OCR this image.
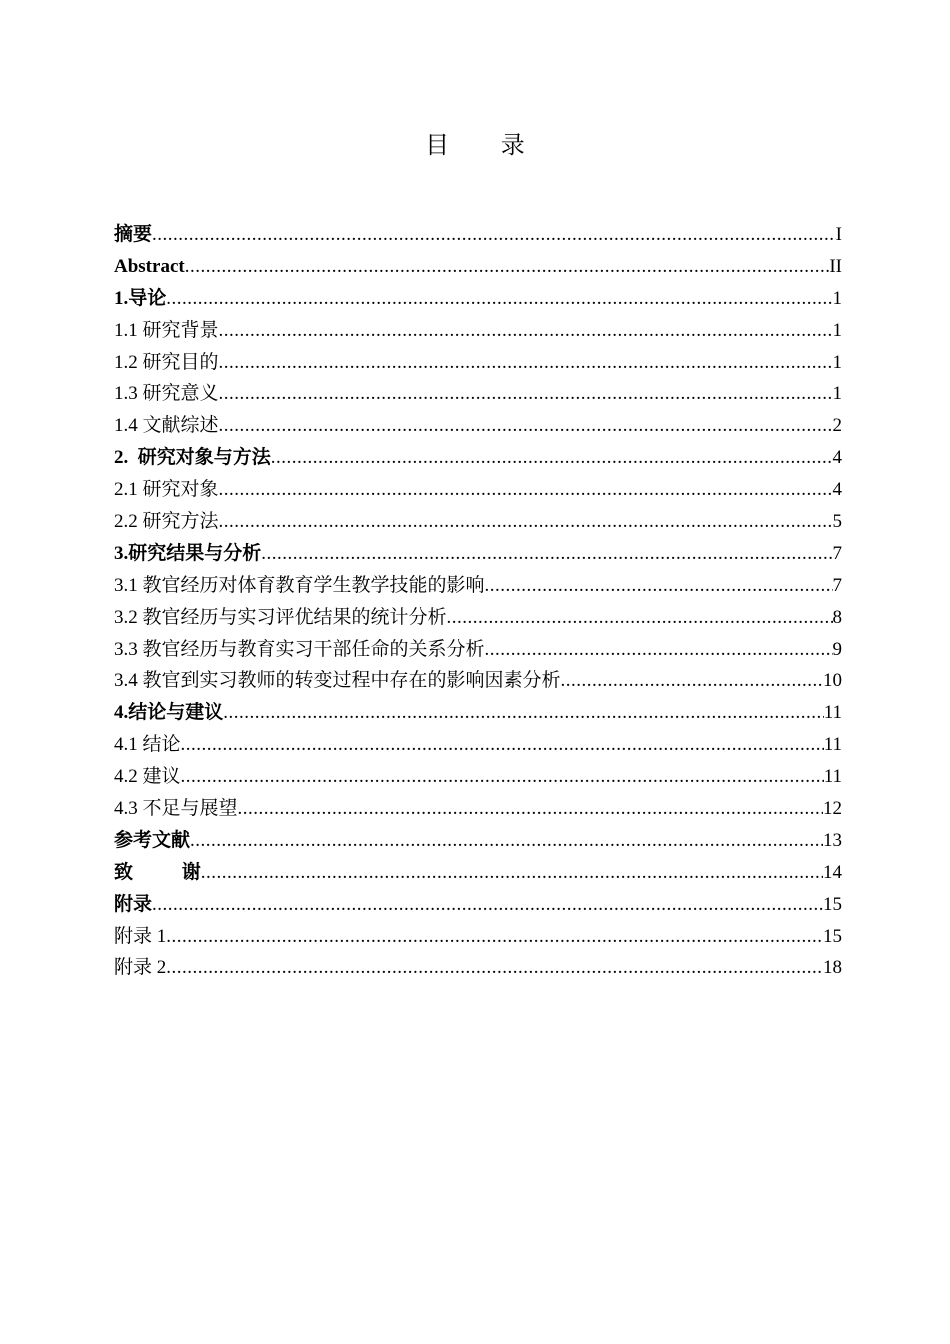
目 录
摘要 .....	I
Abstract .....	II
1.导论 .....	1
1.1 研究背景 .....	1
1.2 研究目的 .....	1
1.3 研究意义 .....	1
1.4 文献综述 .....	2
2.  研究对象与方法 .....	4
2.1 研究对象 .....	4
2.2 研究方法 .....	5
3.研究结果与分析 .....	7
3.1 教官经历对体育教育学生教学技能的影响 .....	7
3.2 教官经历与实习评优结果的统计分析 .....	8
3.3 教官经历与教育实习干部任命的关系分析 .....	9
3.4 教官到实习教师的转变过程中存在的影响因素分析 .....	10
4.结论与建议 .....	11
4.1 结论 .....	11
4.2 建议 .....	11
4.3 不足与展望 .....	12
参考文献 .....	13
致 谢 .....	14
附录 .....	15
附录 1 .....	15
附录 2 .....	18
